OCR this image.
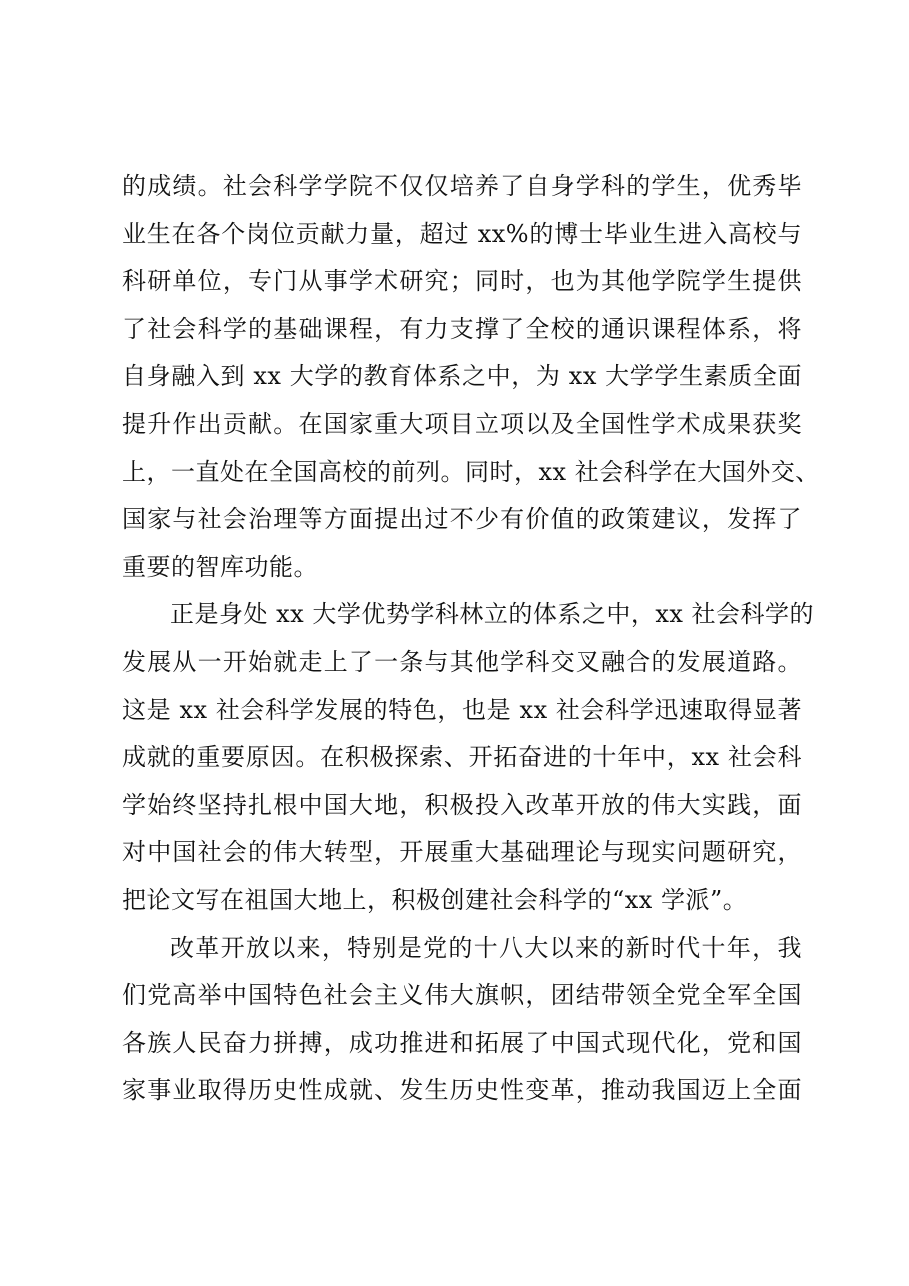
的成绩。社会科学学院不仅仅培养了自身学科的学生，优秀毕
业生在各个岗位贡献力量，超过 xx%的博士毕业生进入高校与
科研单位，专门从事学术研究；同时，也为其他学院学生提供
了社会科学的基础课程，有力支撑了全校的通识课程体系，将
自身融入到 xx 大学的教育体系之中，为 xx 大学学生素质全面
提升作出贡献。在国家重大项目立项以及全国性学术成果获奖
上，一直处在全国高校的前列。同时，xx 社会科学在大国外交、
国家与社会治理等方面提出过不少有价值的政策建议，发挥了
重要的智库功能。
正是身处 xx 大学优势学科林立的体系之中，xx 社会科学的
发展从一开始就走上了一条与其他学科交叉融合的发展道路。
这是 xx 社会科学发展的特色，也是 xx 社会科学迅速取得显著
成就的重要原因。在积极探索、开拓奋进的十年中，xx 社会科
学始终坚持扎根中国大地，积极投入改革开放的伟大实践，面
对中国社会的伟大转型，开展重大基础理论与现实问题研究，
把论文写在祖国大地上，积极创建社会科学的“xx 学派”。
改革开放以来，特别是党的十八大以来的新时代十年，我
们党高举中国特色社会主义伟大旗帜，团结带领全党全军全国
各族人民奋力拼搏，成功推进和拓展了中国式现代化，党和国
家事业取得历史性成就、发生历史性变革，推动我国迈上全面
